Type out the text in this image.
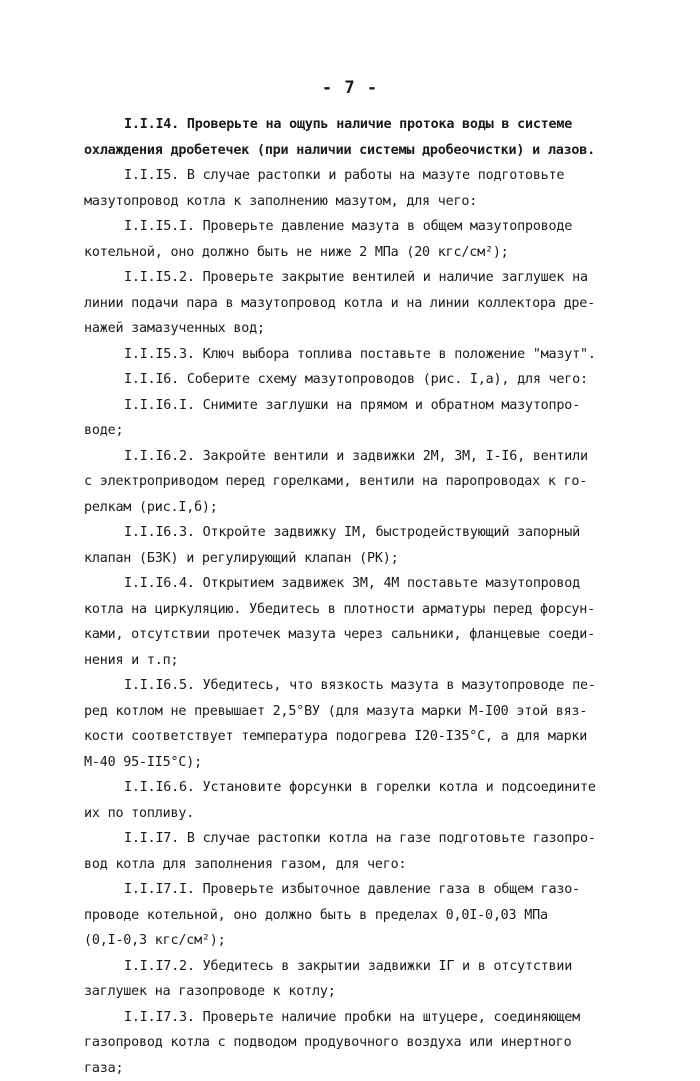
- 7 -
I.I.I4. Проверьте на ощупь наличие протока воды в системе
охлаждения дробетечек (при наличии системы дробеочистки) и лазов.
I.I.I5. В случае растопки и работы на мазуте подготовьте
мазутопровод котла к заполнению мазутом, для чего:
I.I.I5.I. Проверьте давление мазута в общем мазутопроводе
котельной, оно должно быть не ниже 2 МПа (20 кгс/см²);
I.I.I5.2. Проверьте закрытие вентилей и наличие заглушек на
линии подачи пара в мазутопровод котла и на линии коллектора дре-
нажей замазученных вод;
I.I.I5.3. Ключ выбора топлива поставьте в положение "мазут".
I.I.I6. Соберите схему мазутопроводов (рис. I,а), для чего:
I.I.I6.I. Снимите заглушки на прямом и обратном мазутопро-
воде;
I.I.I6.2. Закройте вентили и задвижки 2М, 3М, I-I6, вентили
с электроприводом перед горелками, вентили на паропроводах к го-
релкам (рис.I,б);
I.I.I6.3. Откройте задвижку IМ, быстродействующий запорный
клапан (БЗК) и регулирующий клапан (РК);
I.I.I6.4. Открытием задвижек 3М, 4М поставьте мазутопровод
котла на циркуляцию. Убедитесь в плотности арматуры перед форсун-
ками, отсутствии протечек мазута через сальники, фланцевые соеди-
нения и т.п;
I.I.I6.5. Убедитесь, что вязкость мазута в мазутопроводе пе-
ред котлом не превышает 2,5°ВУ (для мазута марки М-I00 этой вяз-
кости соответствует температура подогрева I20-I35°С, а для марки
М-40 95-II5°С);
I.I.I6.6. Установите форсунки в горелки котла и подсоедините
их по топливу.
I.I.I7. В случае растопки котла на газе подготовьте газопро-
вод котла для заполнения газом, для чего:
I.I.I7.I. Проверьте избыточное давление газа в общем газо-
проводе котельной, оно должно быть в пределах 0,0I-0,03 МПа
(0,I-0,3 кгс/см²);
I.I.I7.2. Убедитесь в закрытии задвижки IГ и в отсутствии
заглушек на газопроводе к котлу;
I.I.I7.3. Проверьте наличие пробки на штуцере, соединяющем
газопровод котла с подводом продувочного воздуха или инертного
газа;
